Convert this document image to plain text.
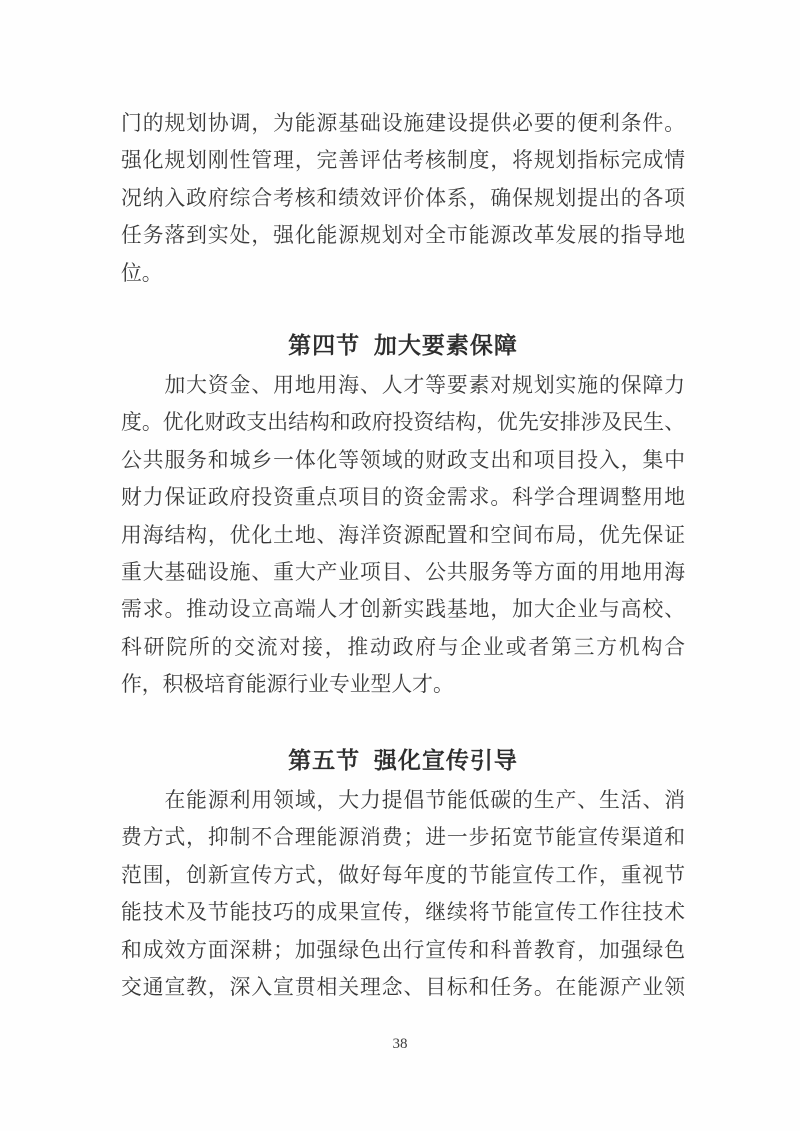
门的规划协调，为能源基础设施建设提供必要的便利条件。
强化规划刚性管理，完善评估考核制度，将规划指标完成情
况纳入政府综合考核和绩效评价体系，确保规划提出的各项
任务落到实处，强化能源规划对全市能源改革发展的指导地
位。
第四节 加大要素保障
　　加大资金、用地用海、人才等要素对规划实施的保障力
度。优化财政支出结构和政府投资结构，优先安排涉及民生、
公共服务和城乡一体化等领域的财政支出和项目投入，集中
财力保证政府投资重点项目的资金需求。科学合理调整用地
用海结构，优化土地、海洋资源配置和空间布局，优先保证
重大基础设施、重大产业项目、公共服务等方面的用地用海
需求。推动设立高端人才创新实践基地，加大企业与高校、
科研院所的交流对接，推动政府与企业或者第三方机构合
作，积极培育能源行业专业型人才。
第五节 强化宣传引导
　　在能源利用领域，大力提倡节能低碳的生产、生活、消
费方式，抑制不合理能源消费；进一步拓宽节能宣传渠道和
范围，创新宣传方式，做好每年度的节能宣传工作，重视节
能技术及节能技巧的成果宣传，继续将节能宣传工作往技术
和成效方面深耕；加强绿色出行宣传和科普教育，加强绿色
交通宣教，深入宣贯相关理念、目标和任务。在能源产业领
38
